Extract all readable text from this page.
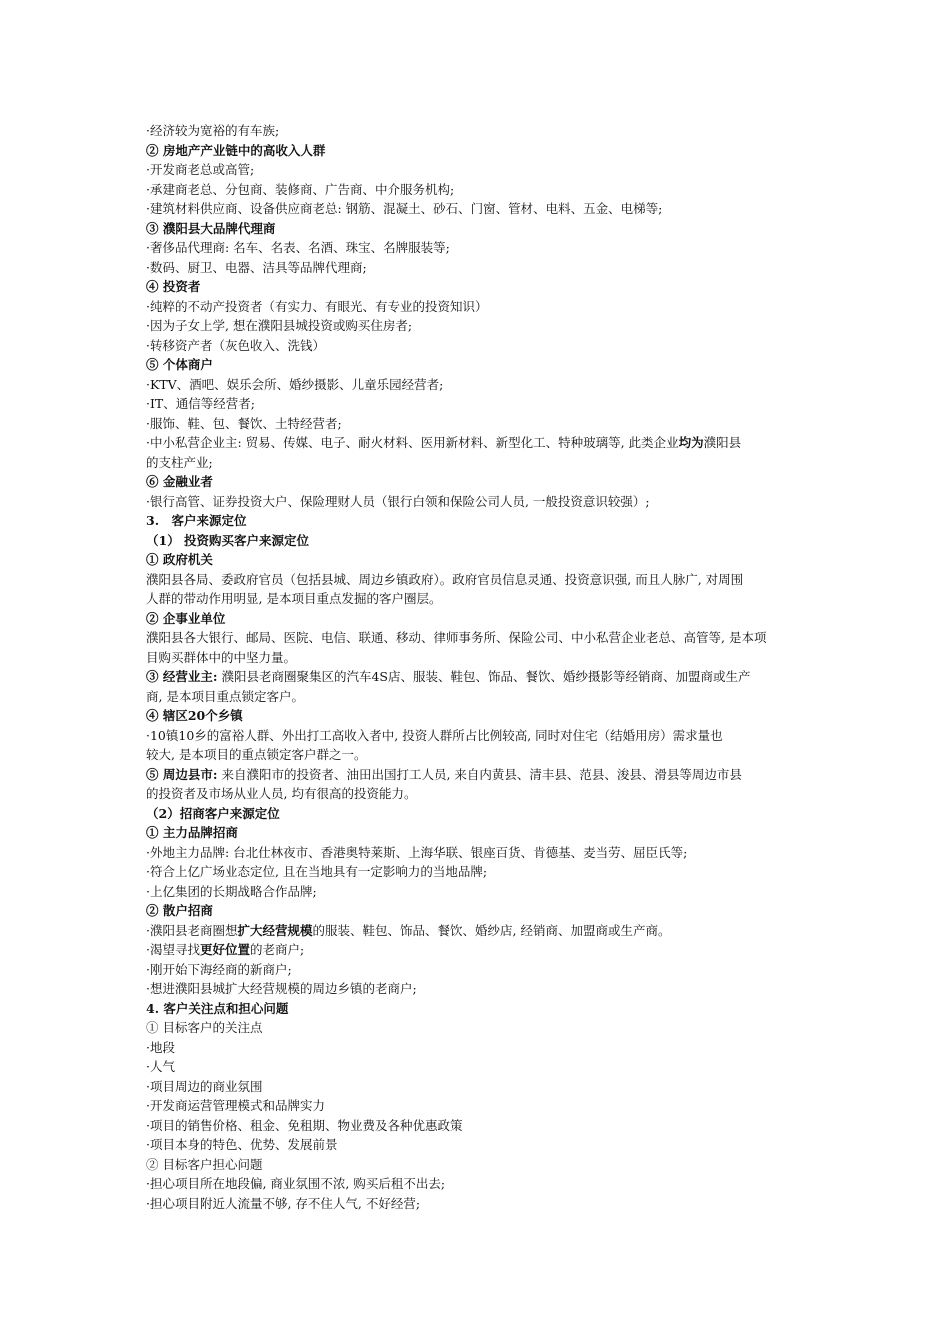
·经济较为宽裕的有车族;
② 房地产产业链中的高收入人群
·开发商老总或高管;
·承建商老总、分包商、装修商、广告商、中介服务机构;
·建筑材料供应商、设备供应商老总: 钢筋、混凝土、砂石、门窗、管材、电料、五金、电梯等;
③ 濮阳县大品牌代理商
·奢侈品代理商: 名车、名表、名酒、珠宝、名牌服装等;
·数码、厨卫、电器、洁具等品牌代理商;
④ 投资者
·纯粹的不动产投资者（有实力、有眼光、有专业的投资知识）
·因为子女上学, 想在濮阳县城投资或购买住房者;
·转移资产者（灰色收入、洗钱）
⑤ 个体商户
·KTV、酒吧、娱乐会所、婚纱摄影、儿童乐园经营者;
·IT、通信等经营者;
·服饰、鞋、包、餐饮、土特经营者;
·中小私营企业主: 贸易、传媒、电子、耐火材料、医用新材料、新型化工、特种玻璃等, 此类企业均为濮阳县
的支柱产业;
⑥ 金融业者
·银行高管、证券投资大户、保险理财人员（银行白领和保险公司人员, 一般投资意识较强）;
3.　客户来源定位
（1） 投资购买客户来源定位
① 政府机关
濮阳县各局、委政府官员（包括县城、周边乡镇政府）。政府官员信息灵通、投资意识强, 而且人脉广, 对周围
人群的带动作用明显, 是本项目重点发掘的客户圈层。
② 企事业单位
濮阳县各大银行、邮局、医院、电信、联通、移动、律师事务所、保险公司、中小私营企业老总、高管等, 是本项
目购买群体中的中坚力量。
③ 经营业主: 濮阳县老商圈聚集区的汽车4S店、服装、鞋包、饰品、餐饮、婚纱摄影等经销商、加盟商或生产
商, 是本项目重点锁定客户。
④ 辖区20个乡镇
·10镇10乡的富裕人群、外出打工高收入者中, 投资人群所占比例较高, 同时对住宅（结婚用房）需求量也
较大, 是本项目的重点锁定客户群之一。
⑤ 周边县市: 来自濮阳市的投资者、油田出国打工人员, 来自内黄县、清丰县、范县、浚县、滑县等周边市县
的投资者及市场从业人员, 均有很高的投资能力。
（2）招商客户来源定位
① 主力品牌招商
·外地主力品牌: 台北仕林夜市、香港奥特莱斯、上海华联、银座百货、肯德基、麦当劳、屈臣氏等;
·符合上亿广场业态定位, 且在当地具有一定影响力的当地品牌;
·上亿集团的长期战略合作品牌;
② 散户招商
·濮阳县老商圈想扩大经营规模的服装、鞋包、饰品、餐饮、婚纱店, 经销商、加盟商或生产商。
·渴望寻找更好位置的老商户;
·刚开始下海经商的新商户;
·想进濮阳县城扩大经营规模的周边乡镇的老商户;
4. 客户关注点和担心问题
① 目标客户的关注点
·地段
·人气
·项目周边的商业氛围
·开发商运营管理模式和品牌实力
·项目的销售价格、租金、免租期、物业费及各种优惠政策
·项目本身的特色、优势、发展前景
② 目标客户担心问题
·担心项目所在地段偏, 商业氛围不浓, 购买后租不出去;
·担心项目附近人流量不够, 存不住人气, 不好经营;
